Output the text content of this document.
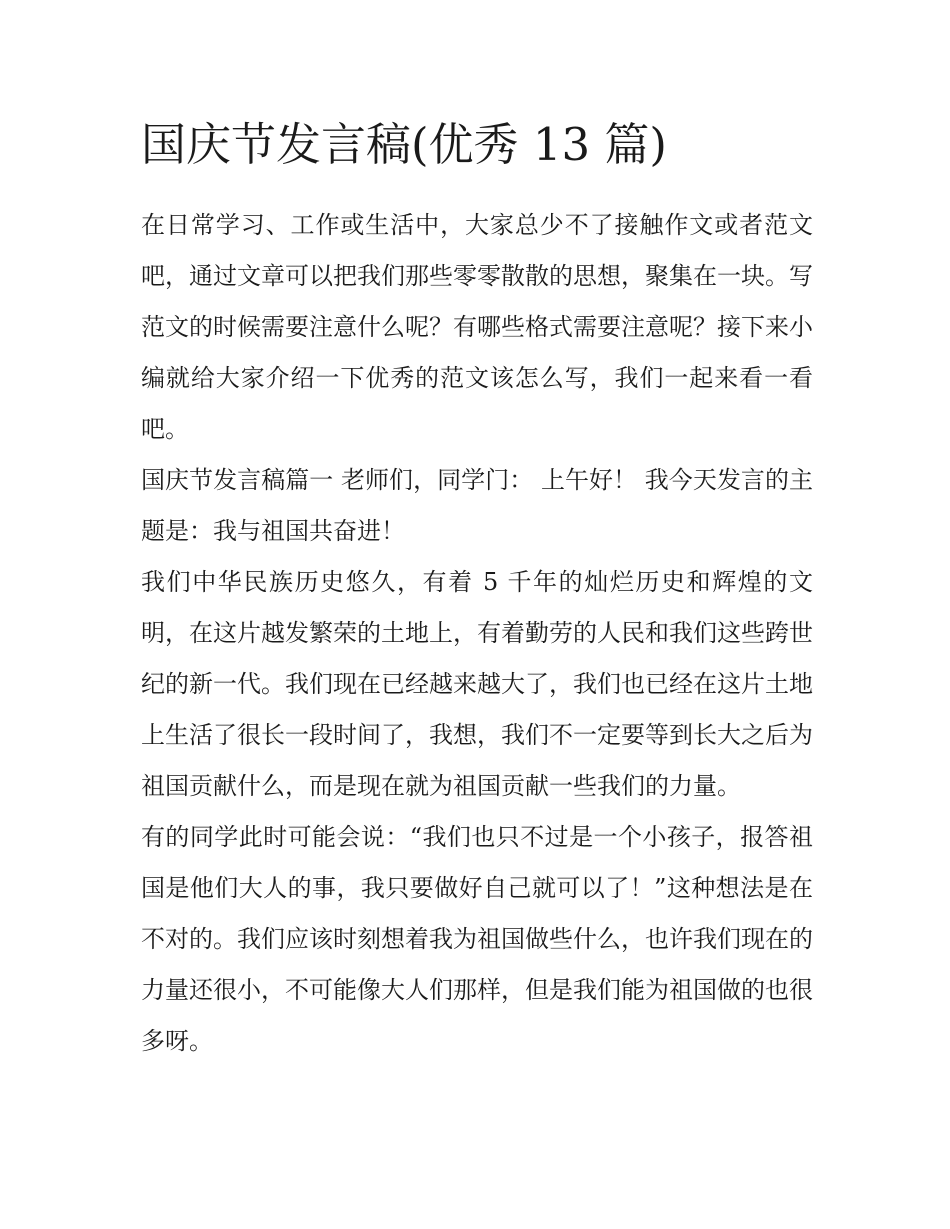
国庆节发言稿(优秀 13 篇)

在日常学习、工作或生活中，大家总少不了接触作文或者范文吧，通过文章可以把我们那些零零散散的思想，聚集在一块。写范文的时候需要注意什么呢？有哪些格式需要注意呢？接下来小编就给大家介绍一下优秀的范文该怎么写，我们一起来看一看吧。

国庆节发言稿篇一 老师们，同学门： 上午好！ 我今天发言的主题是：我与祖国共奋进！

我们中华民族历史悠久，有着 5 千年的灿烂历史和辉煌的文明，在这片越发繁荣的土地上，有着勤劳的人民和我们这些跨世纪的新一代。我们现在已经越来越大了，我们也已经在这片土地上生活了很长一段时间了，我想，我们不一定要等到长大之后为祖国贡献什么，而是现在就为祖国贡献一些我们的力量。

有的同学此时可能会说：“我们也只不过是一个小孩子，报答祖国是他们大人的事，我只要做好自己就可以了！”这种想法是在不对的。我们应该时刻想着我为祖国做些什么，也许我们现在的力量还很小，不可能像大人们那样，但是我们能为祖国做的也很多呀。
